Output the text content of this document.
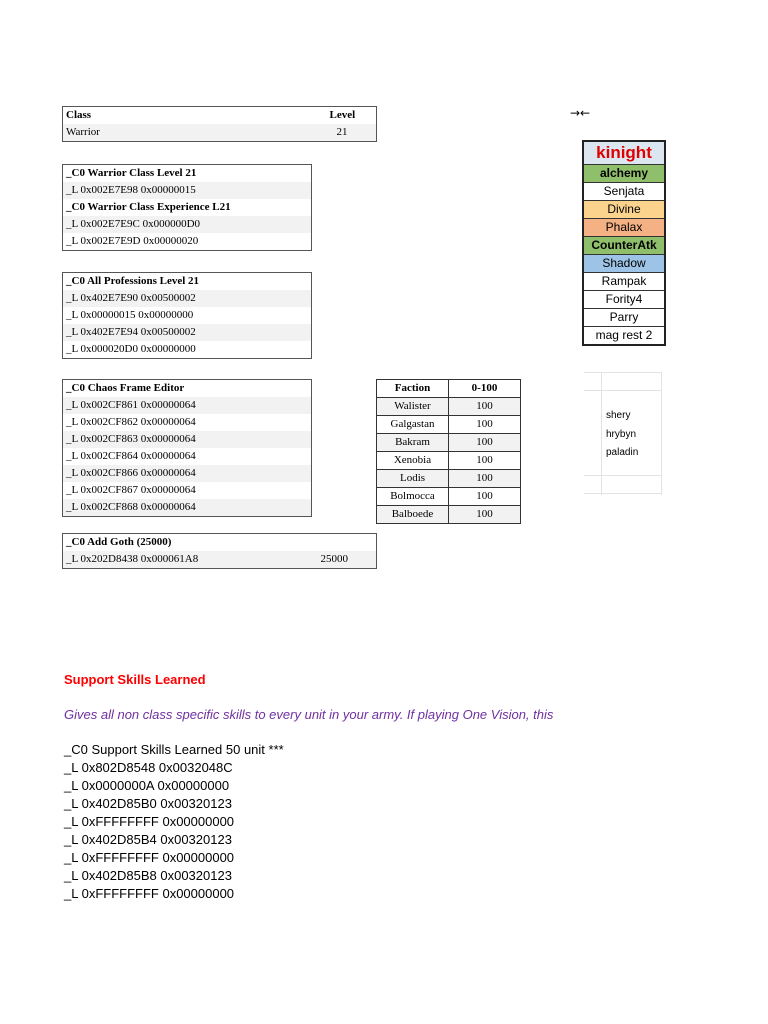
Class	Level
Warrior	21
→←
_C0 Warrior Class Level 21
_L 0x002E7E98 0x00000015
_C0 Warrior Class Experience L21
_L 0x002E7E9C 0x000000D0
_L 0x002E7E9D 0x00000020
_C0 All Professions Level 21
_L 0x402E7E90 0x00500002
_L 0x00000015 0x00000000
_L 0x402E7E94 0x00500002
_L 0x000020D0 0x00000000
_C0 Chaos Frame Editor
_L 0x002CF861 0x00000064
_L 0x002CF862 0x00000064
_L 0x002CF863 0x00000064
_L 0x002CF864 0x00000064
_L 0x002CF866 0x00000064
_L 0x002CF867 0x00000064
_L 0x002CF868 0x00000064
Faction	0-100
Walister	100
Galgastan	100
Bakram	100
Xenobia	100
Lodis	100
Bolmocca	100
Balboede	100
_C0 Add Goth (25000)
_L 0x202D8438 0x000061A8	25000
kinight
alchemy
Senjata
Divine
Phalax
CounterAtk
Shadow
Rampak
Fority4
Parry
mag rest 2
shery
hrybyn
paladin
Support Skills Learned
Gives all non class specific skills to every unit in your army. If playing One Vision, this
_C0 Support Skills Learned 50 unit ***
_L 0x802D8548 0x0032048C
_L 0x0000000A 0x00000000
_L 0x402D85B0 0x00320123
_L 0xFFFFFFFF 0x00000000
_L 0x402D85B4 0x00320123
_L 0xFFFFFFFF 0x00000000
_L 0x402D85B8 0x00320123
_L 0xFFFFFFFF 0x00000000
